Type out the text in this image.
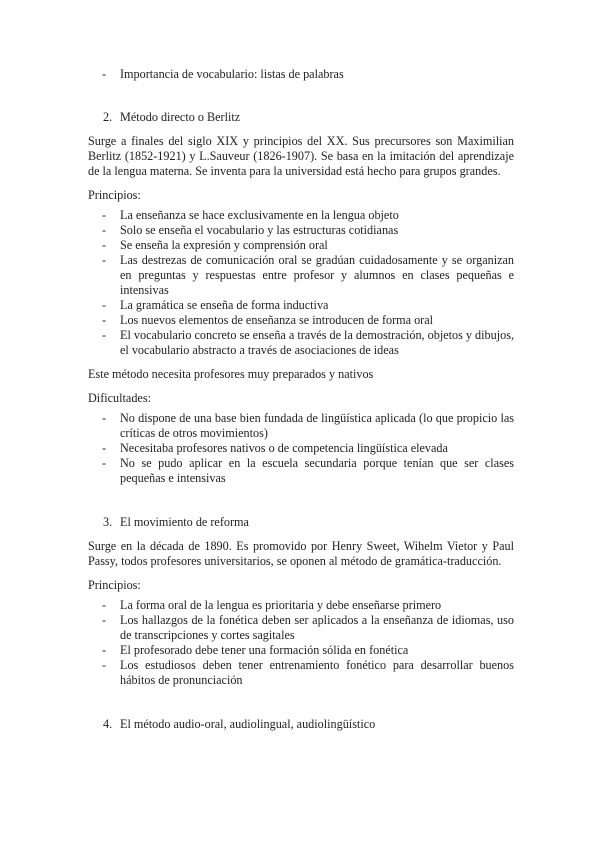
- Importancia de vocabulario: listas de palabras
2. Método directo o Berlitz

Surge a finales del siglo XIX y principios del XX. Sus precursores son Maximilian Berlitz (1852-1921) y L.Sauveur (1826-1907). Se basa en la imitación del aprendizaje de la lengua materna. Se inventa para la universidad está hecho para grupos grandes.

Principios:

- La enseñanza se hace exclusivamente en la lengua objeto
- Solo se enseña el vocabulario y las estructuras cotidianas
- Se enseña la expresión y comprensión oral
- Las destrezas de comunicación oral se gradúan cuidadosamente y se organizan en preguntas y respuestas entre profesor y alumnos en clases pequeñas e intensivas
- La gramática se enseña de forma inductiva
- Los nuevos elementos de enseñanza se introducen de forma oral
- El vocabulario concreto se enseña a través de la demostración, objetos y dibujos, el vocabulario abstracto a través de asociaciones de ideas

Este método necesita profesores muy preparados y nativos

Dificultades:

- No dispone de una base bien fundada de lingüística aplicada (lo que propicio las críticas de otros movimientos)
- Necesitaba profesores nativos o de competencia lingüística elevada
- No se pudo aplicar en la escuela secundaria porque tenían que ser clases pequeñas e intensivas
3. El movimiento de reforma

Surge en la década de 1890. Es promovido por Henry Sweet, Wihelm Vietor y Paul Passy, todos profesores universitarios, se oponen al método de gramática-traducción.

Principios:

- La forma oral de la lengua es prioritaria y debe enseñarse primero
- Los hallazgos de la fonética deben ser aplicados a la enseñanza de idiomas, uso de transcripciones y cortes sagitales
- El profesorado debe tener una formación sólida en fonética
- Los estudiosos deben tener entrenamiento fonético para desarrollar buenos hábitos de pronunciación
4. El método audio-oral, audiolingual, audiolingüístico
